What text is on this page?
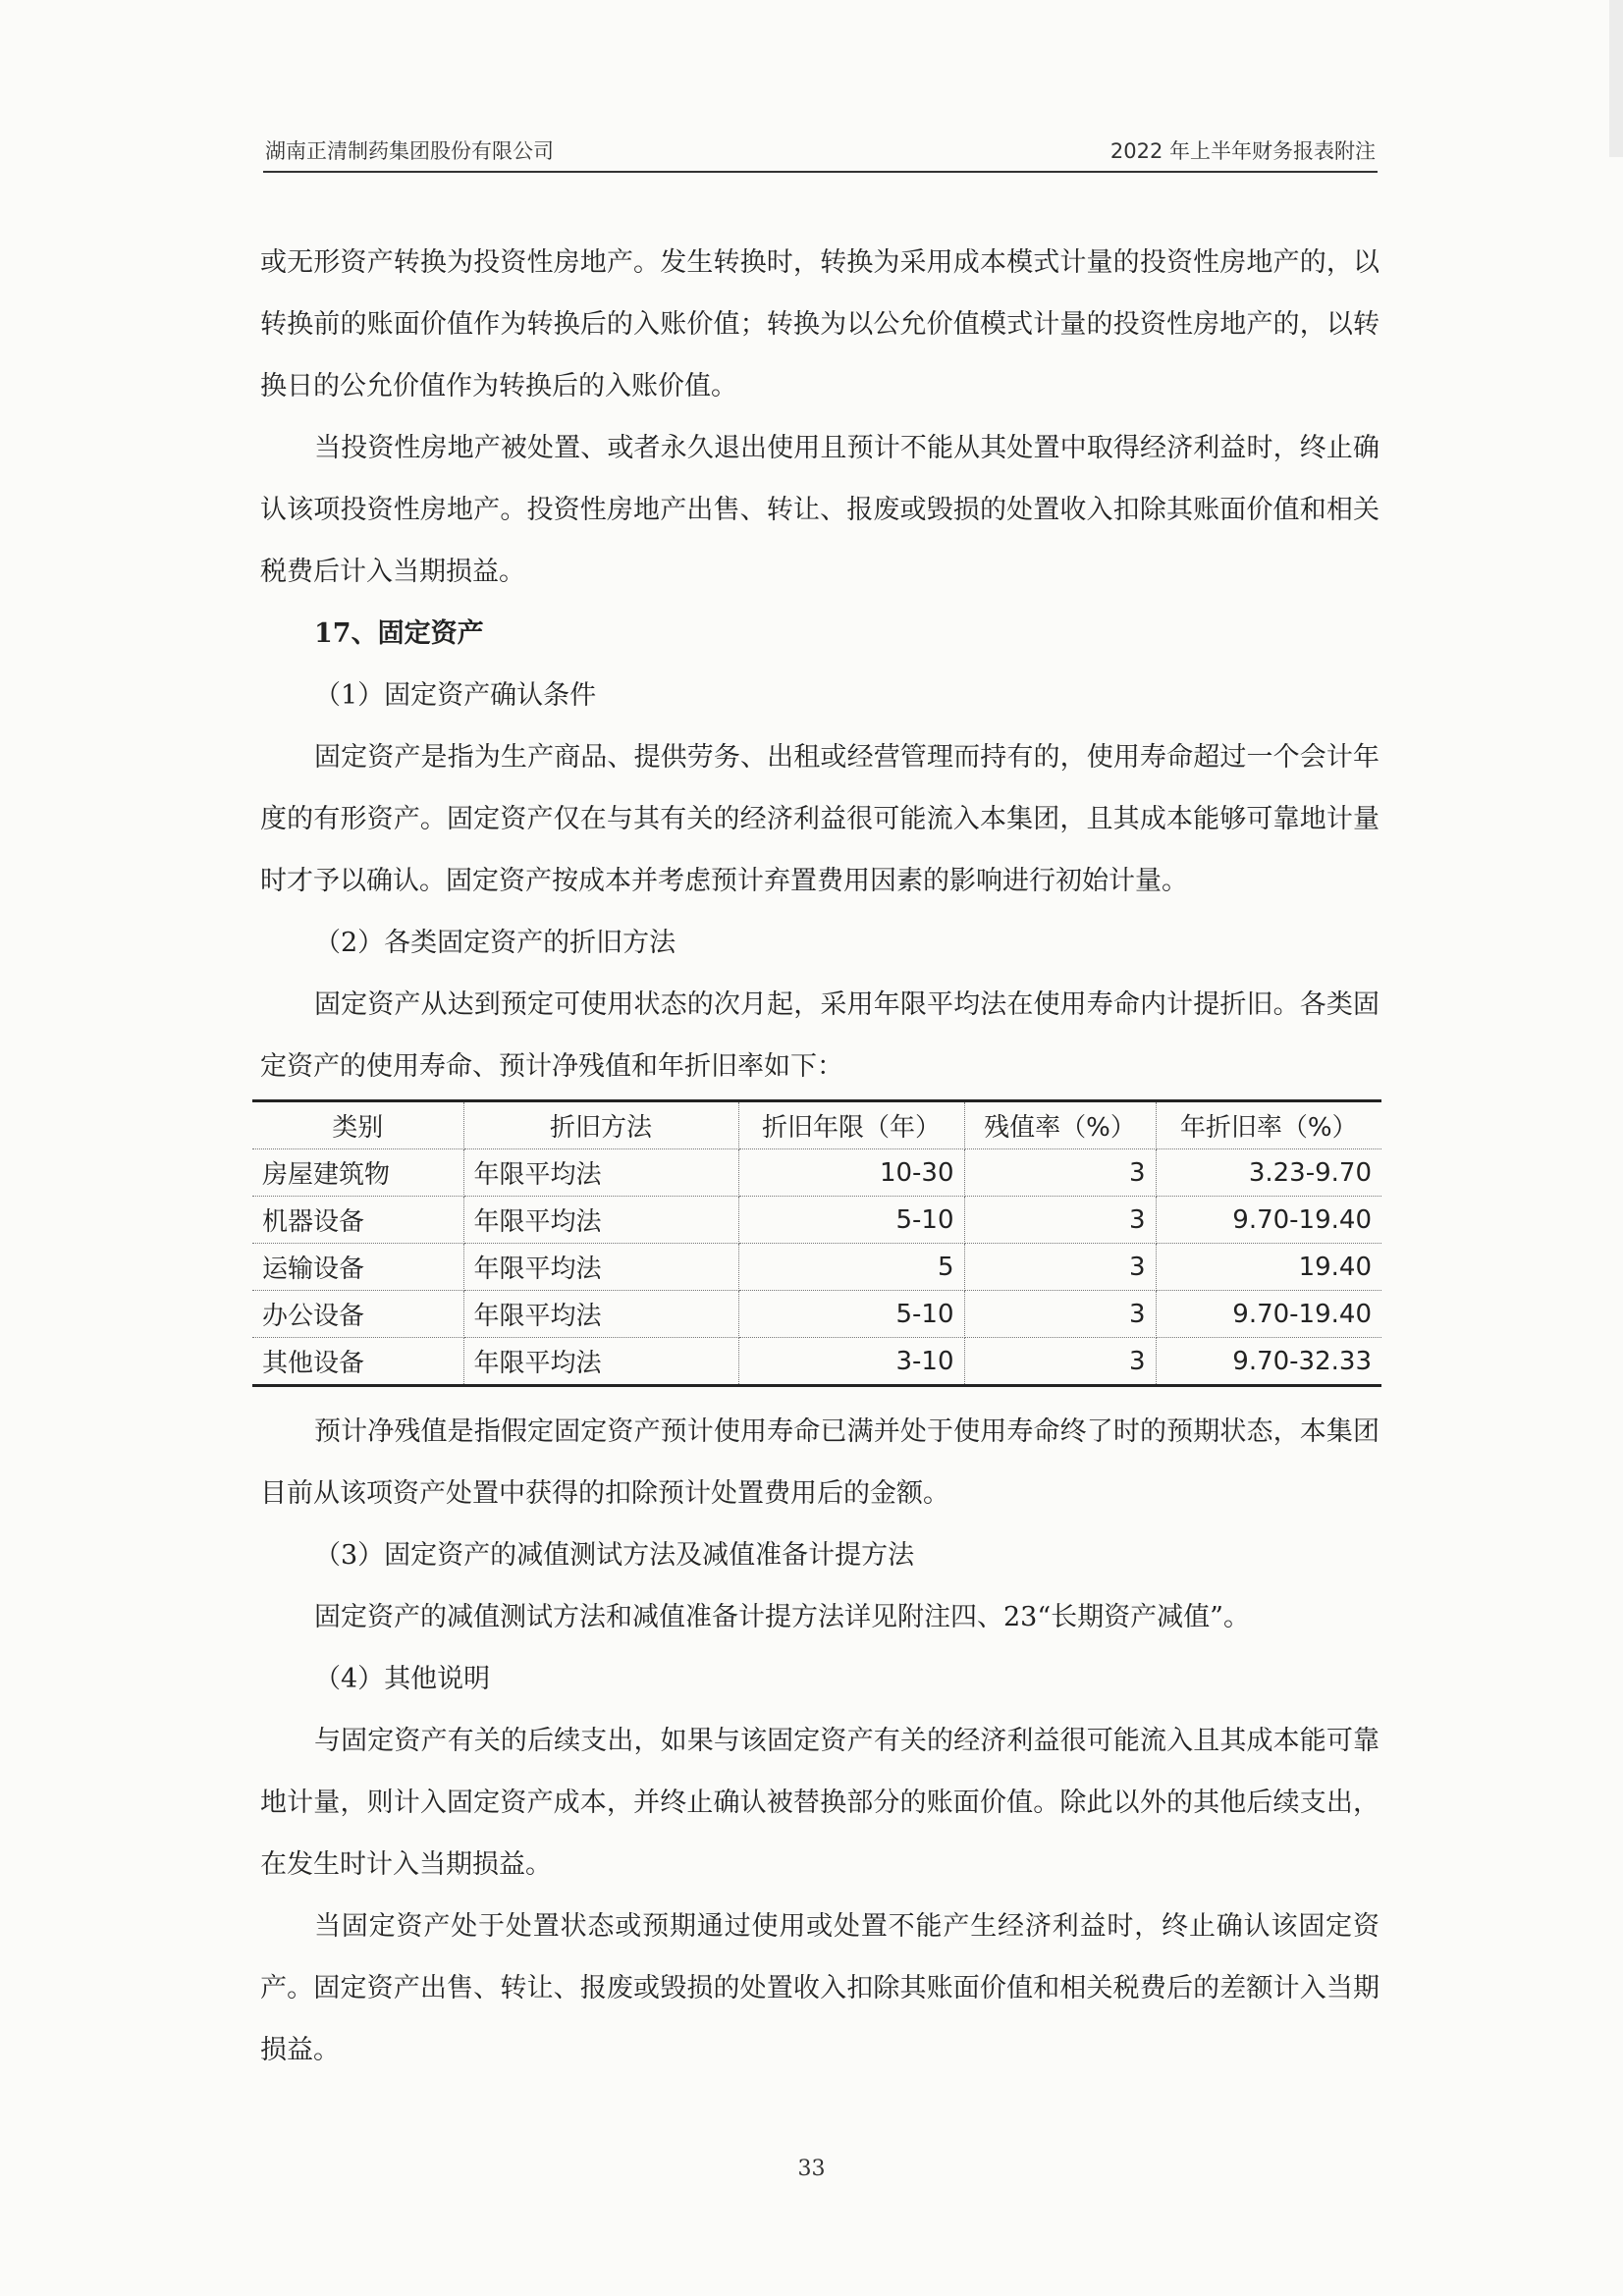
湖南正清制药集团股份有限公司	2022 年上半年财务报表附注

或无形资产转换为投资性房地产。发生转换时，转换为采用成本模式计量的投资性房地产的，以转换前的账面价值作为转换后的入账价值；转换为以公允价值模式计量的投资性房地产的，以转换日的公允价值作为转换后的入账价值。

当投资性房地产被处置、或者永久退出使用且预计不能从其处置中取得经济利益时，终止确认该项投资性房地产。投资性房地产出售、转让、报废或毁损的处置收入扣除其账面价值和相关税费后计入当期损益。

17、固定资产
（1）固定资产确认条件

固定资产是指为生产商品、提供劳务、出租或经营管理而持有的，使用寿命超过一个会计年度的有形资产。固定资产仅在与其有关的经济利益很可能流入本集团，且其成本能够可靠地计量时才予以确认。固定资产按成本并考虑预计弃置费用因素的影响进行初始计量。

（2）各类固定资产的折旧方法

固定资产从达到预定可使用状态的次月起，采用年限平均法在使用寿命内计提折旧。各类固定资产的使用寿命、预计净残值和年折旧率如下：

类别	折旧方法	折旧年限（年）	残值率（%）	年折旧率（%）
房屋建筑物	年限平均法	10-30	3	3.23-9.70
机器设备	年限平均法	5-10	3	9.70-19.40
运输设备	年限平均法	5	3	19.40
办公设备	年限平均法	5-10	3	9.70-19.40
其他设备	年限平均法	3-10	3	9.70-32.33

预计净残值是指假定固定资产预计使用寿命已满并处于使用寿命终了时的预期状态，本集团目前从该项资产处置中获得的扣除预计处置费用后的金额。

（3）固定资产的减值测试方法及减值准备计提方法

固定资产的减值测试方法和减值准备计提方法详见附注四、23“长期资产减值”。

（4）其他说明

与固定资产有关的后续支出，如果与该固定资产有关的经济利益很可能流入且其成本能可靠地计量，则计入固定资产成本，并终止确认被替换部分的账面价值。除此以外的其他后续支出，在发生时计入当期损益。

当固定资产处于处置状态或预期通过使用或处置不能产生经济利益时，终止确认该固定资产。固定资产出售、转让、报废或毁损的处置收入扣除其账面价值和相关税费后的差额计入当期损益。

33
